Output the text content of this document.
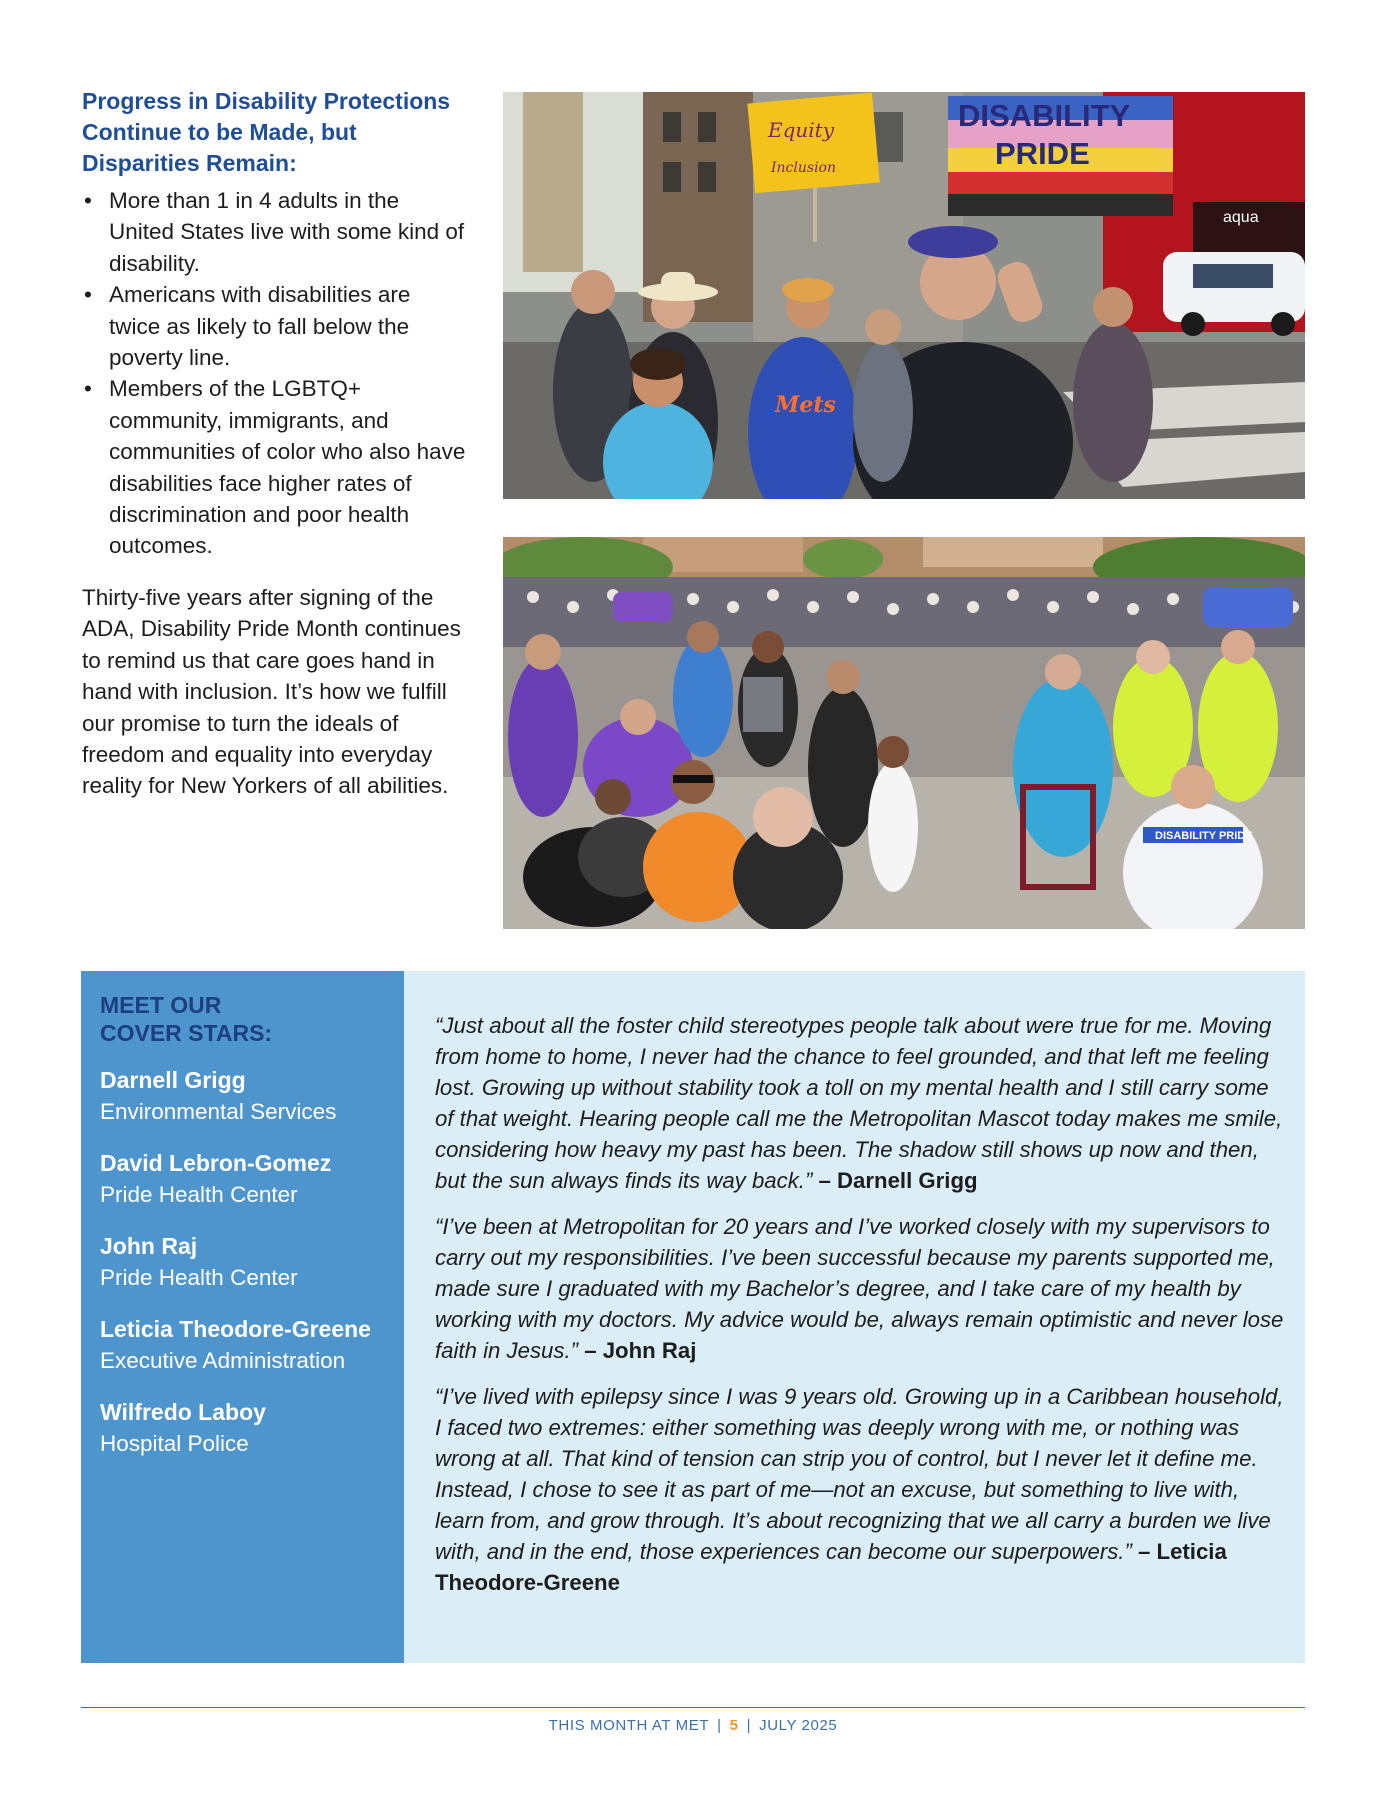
Progress in Disability Protections Continue to be Made, but Disparities Remain:
• More than 1 in 4 adults in the United States live with some kind of disability.
• Americans with disabilities are twice as likely to fall below the poverty line.
• Members of the LGBTQ+ community, immigrants, and communities of color who also have disabilities face higher rates of discrimination and poor health outcomes.

Thirty-five years after signing of the ADA, Disability Pride Month continues to remind us that care goes hand in hand with inclusion. It’s how we fulfill our promise to turn the ideals of freedom and equality into everyday reality for New Yorkers of all abilities.

aqua
Equity
Inclusion
DISABILITY
PRIDE
Mets
DISABILITY PRIDE
MEET OUR
COVER STARS:
Darnell Grigg
Environmental Services
David Lebron-Gomez
Pride Health Center
John Raj
Pride Health Center
Leticia Theodore-Greene
Executive Administration
Wilfredo Laboy
Hospital Police

“Just about all the foster child stereotypes people talk about were true for me. Moving from home to home, I never had the chance to feel grounded, and that left me feeling lost. Growing up without stability took a toll on my mental health and I still carry some of that weight. Hearing people call me the Metropolitan Mascot today makes me smile, considering how heavy my past has been. The shadow still shows up now and then, but the sun always finds its way back.” – Darnell Grigg

“I’ve been at Metropolitan for 20 years and I’ve worked closely with my supervisors to carry out my responsibilities. I’ve been successful because my parents supported me, made sure I graduated with my Bachelor’s degree, and I take care of my health by working with my doctors. My advice would be, always remain optimistic and never lose faith in Jesus.” – John Raj

“I’ve lived with epilepsy since I was 9 years old. Growing up in a Caribbean household, I faced two extremes: either something was deeply wrong with me, or nothing was wrong at all. That kind of tension can strip you of control, but I never let it define me. Instead, I chose to see it as part of me—not an excuse, but something to live with, learn from, and grow through. It’s about recognizing that we all carry a burden we live with, and in the end, those experiences can become our superpowers.” – Leticia Theodore-Greene

THIS MONTH AT MET | 5 | JULY 2025
